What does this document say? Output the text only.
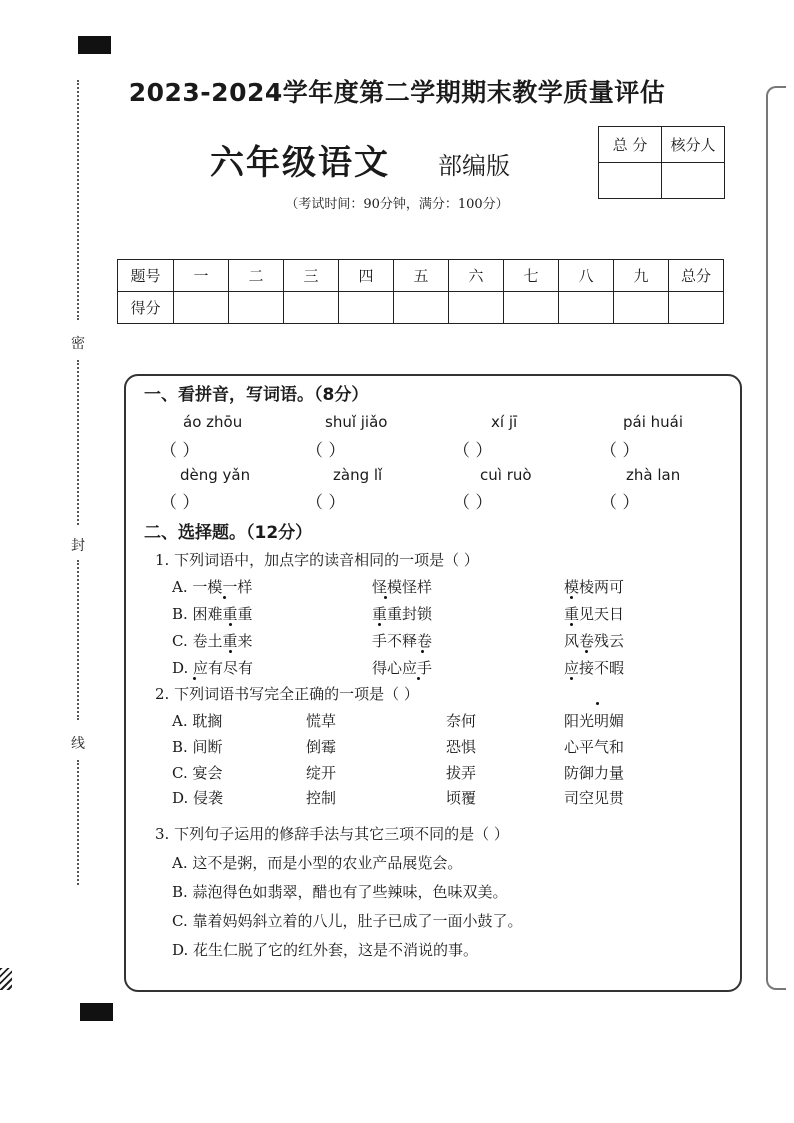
密
封
线
2023-2024学年度第二学期期末教学质量评估
六年级语文 部编版
（考试时间：90分钟，满分：100分）
总 分	核分人

题号	一	二	三	四	五	六	七	八	九	总分
得分										
一、看拼音，写词语。（8分）
áo zhōu	shuǐ jiǎo	xí jī	pái huái
（ ）	（ ）	（ ）	（ ）
dèng yǎn	zàng lǐ	cuì ruò	zhà lan
（ ）	（ ）	（ ）	（ ）
二、选择题。（12分）
1. 下列词语中，加点字的读音相同的一项是（ ）
A. 一模一样	怪模怪样	模棱两可
B. 困难重重	重重封锁	重见天日
C. 卷土重来	手不释卷	风卷残云
D. 应有尽有	得心应手	应接不暇
2. 下列词语书写完全正确的一项是（ ）
A. 耽搁	慌草	奈何	阳光明媚
B. 间断	倒霉	恐惧	心平气和
C. 宴会	绽开	拔弄	防御力量
D. 侵袭	控制	顷覆	司空见贯
3. 下列句子运用的修辞手法与其它三项不同的是（ ）
A. 这不是粥，而是小型的农业产品展览会。
B. 蒜泡得色如翡翠，醋也有了些辣味，色味双美。
C. 靠着妈妈斜立着的八儿，肚子已成了一面小鼓了。
D. 花生仁脱了它的红外套，这是不消说的事。
